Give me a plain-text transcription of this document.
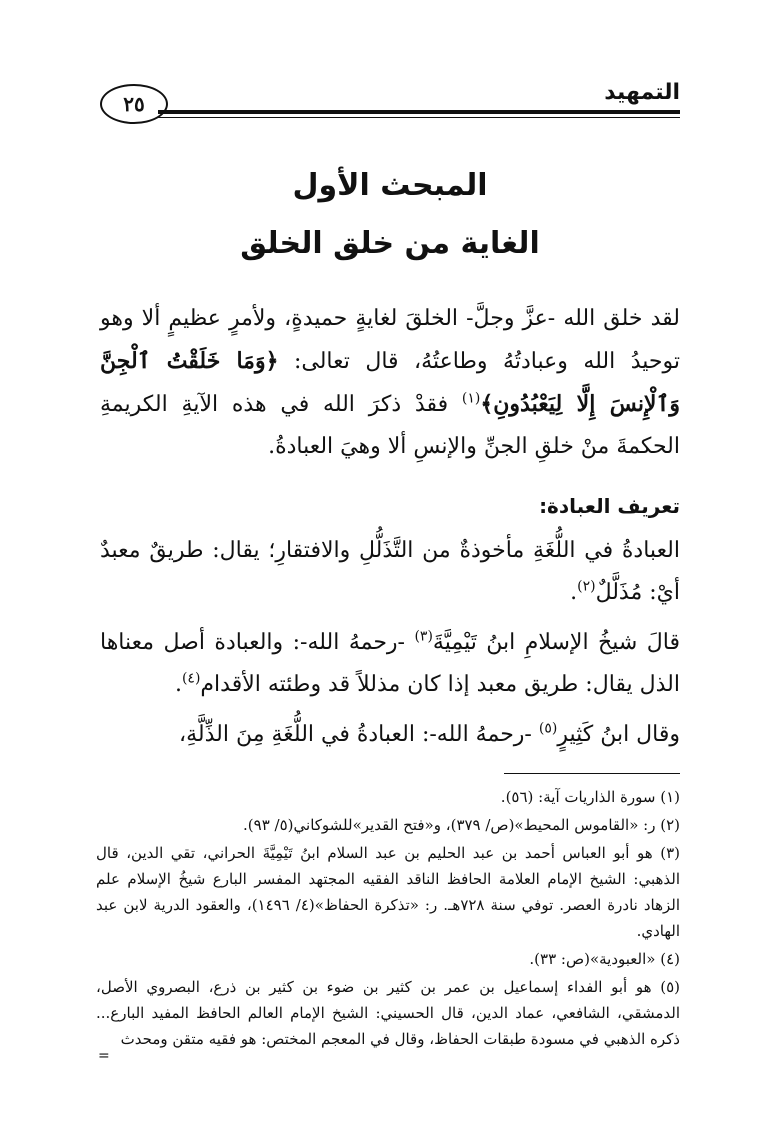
التمهيد
٢٥
المبحث الأول
الغاية من خلق الخلق
لقد خلق الله -عزَّ وجلَّ- الخلقَ لغايةٍ حميدةٍ، ولأمرٍ عظيمٍ ألا وهو توحيدُ الله وعبادتُهُ وطاعتُهُ، قال تعالى: ﴿وَمَا خَلَقْتُ ٱلْجِنَّ وَٱلْإِنسَ إِلَّا لِيَعْبُدُونِ﴾$^{(١)}$ فقدْ ذكرَ الله في هذه الآيةِ الكريمةِ الحكمةَ منْ خلقِ الجنِّ والإنسِ ألا وهيَ العبادةُ.
تعريف العبادة:
العبادةُ في اللُّغَةِ مأخوذةٌ من التَّذَلُّلِ والافتقارِ؛ يقال: طريقٌ معبدٌ أيْ: مُذَلَّلٌ$^{(٢)}$.
قالَ شيخُ الإسلامِ ابنُ تَيْمِيَّةَ$^{(٣)}$ -رحمهُ الله-: والعبادة أصل معناها الذل يقال: طريق معبد إذا كان مذللاً قد وطئته الأقدام$^{(٤)}$.
وقال ابنُ كَثِيرٍ$^{(٥)}$ -رحمهُ الله-: العبادةُ في اللُّغَةِ مِنَ الذِّلَّةِ،

(١) سورة الذاريات آية: (٥٦).

(٢) ر: «القاموس المحيط»(ص/ ٣٧٩)، و«فتح القدير»للشوكاني(٥/ ٩٣).

(٣) هو أبو العباس أحمد بن عبد الحليم بن عبد السلام ابنُ تَيْمِيَّةَ الحراني، تقي الدين، قال الذهبي: الشيخ الإمام العلامة الحافظ الناقد الفقيه المجتهد المفسر البارع شيخُ الإسلام علم الزهاد نادرة العصر. توفي سنة ٧٢٨هـ. ر: «تذكرة الحفاظ»(٤/ ١٤٩٦)، والعقود الدرية لابن عبد الهادي.

(٤) «العبودية»(ص: ٣٣).

(٥) هو أبو الفداء إسماعيل بن عمر بن كثير بن ضوء بن كثير بن ذرع، البصروي الأصل، الدمشقي، الشافعي، عماد الدين، قال الحسيني: الشيخ الإمام العالم الحافظ المفيد البارع... ذكره الذهبي في مسودة طبقات الحفاظ، وقال في المعجم المختص: هو فقيه متقن ومحدث

=
